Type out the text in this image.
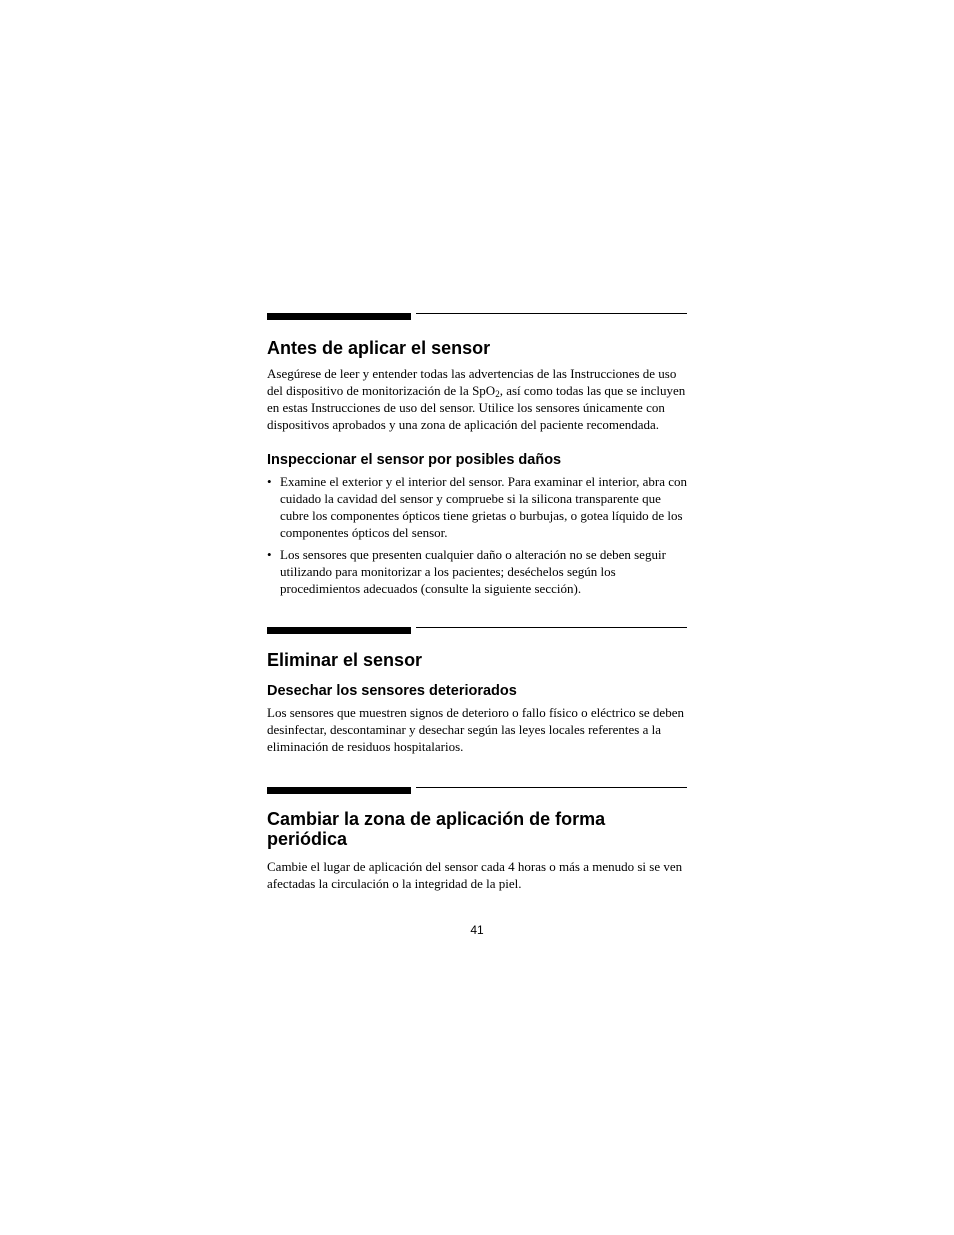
Antes de aplicar el sensor

Asegúrese de leer y entender todas las advertencias de las Instrucciones de uso del dispositivo de monitorización de la SpO$_2$, así como todas las que se incluyen en estas Instrucciones de uso del sensor. Utilice los sensores únicamente con dispositivos aprobados y una zona de aplicación del paciente recomendada.

Inspeccionar el sensor por posibles daños
• Examine el exterior y el interior del sensor. Para examinar el interior, abra con cuidado la cavidad del sensor y compruebe si la silicona transparente que cubre los componentes ópticos tiene grietas o burbujas, o gotea líquido de los componentes ópticos del sensor.
• Los sensores que presenten cualquier daño o alteración no se deben seguir utilizando para monitorizar a los pacientes; deséchelos según los procedimientos adecuados (consulte la siguiente sección).
Eliminar el sensor
Desechar los sensores deteriorados

Los sensores que muestren signos de deterioro o fallo físico o eléctrico se deben desinfectar, descontaminar y desechar según las leyes locales referentes a la eliminación de residuos hospitalarios.

Cambiar la zona de aplicación de forma periódica

Cambie el lugar de aplicación del sensor cada 4 horas o más a menudo si se ven afectadas la circulación o la integridad de la piel.

41
